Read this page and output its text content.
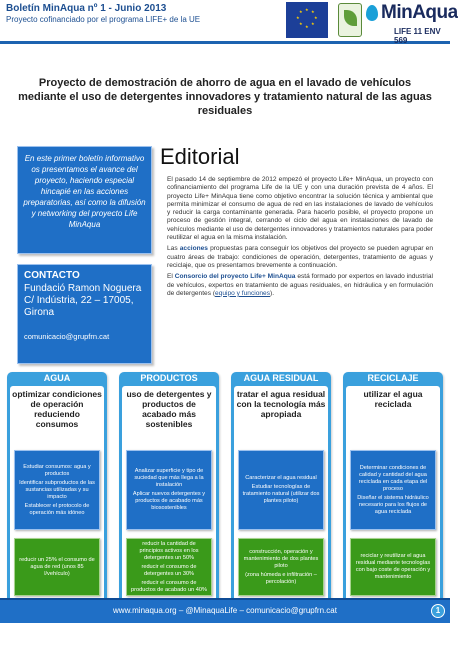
Boletín MinAqua nº 1 - Junio 2013
Proyecto cofinanciado por el programa LIFE+ de la UE
★ ★
★
★
★
★
★
★	MinAqua
LIFE 11 ENV 569
Proyecto de demostración de ahorro de agua en el lavado de vehículos mediante el uso de detergentes innovadores y tratamiento natural de las aguas residuales
En este primer boletín informativo os presentamos el avance del proyecto, haciendo especial hincapié en las acciones preparatorias, así como la difusión y networking del proyecto Life MinAqua
CONTACTO
Fundació Ramon Noguera
C/ Indústria, 22 – 17005, Girona
comunicacio@grupfrn.cat
Editorial

El pasado 14 de septiembre de 2012 empezó el proyecto Life+ MinAqua, un proyecto con cofinanciamiento del programa Life de la UE y con una duración prevista de 4 años. El proyecto Life+ MinAqua tiene como objetivo encontrar la solución técnica y ambiental que permita minimizar el consumo de agua de red en las instalaciones de lavado de vehículos y reducir la carga contaminante generada. Para hacerlo posible, el proyecto propone un proceso de gestión integral, cerrando el ciclo del agua en instalaciones de lavado de vehículos mediante el uso de detergentes innovadores y tratamientos naturales para poder reutilizar el agua en la misma instalación.

Las acciones propuestas para conseguir los objetivos del proyecto se pueden agrupar en cuatro áreas de trabajo: condiciones de operación, detergentes, tratamiento de aguas y reciclaje, que os presentamos brevemente a continuación.

El Consorcio del proyecto Life+ MinAqua está formado por expertos en lavado industrial de vehículos, expertos en tratamiento de aguas residuales, en hidráulica y en formulación de detergentes (equipo y funciones).

AGUA
optimizar condiciones de operación reduciendo consumos

Estudiar consumos: agua y productos

Identificar subproductos de las sustancias utilizadas y su impacto

Establecer el protocolo de operación más idóneo

reducir un 25% el consumo de agua de red (unos 85 l/vehículo)

PRODUCTOS
uso de detergentes y productos de acabado más sostenibles

Analizar superficie y tipo de suciedad que más llega a la instalación

Aplicar nuevos detergentes y productos de acabado más biosostenibles

reducir la cantidad de principios activos en los detergentes un 50%

reducir el consumo de detergentes un 30%

reducir el consumo de productos de acabado un 40%

AGUA RESIDUAL
tratar el agua residual con la tecnología más apropiada

Caracterizar el agua residual

Estudiar tecnologías de tratamiento natural (utilizar dos plantes piloto)

construcción, operación y mantenimiento de dos plantes piloto

(zona húmeda e infiltración – percolación)

RECICLAJE
utilizar el agua reciclada

Determinar condiciones de calidad y cantidad del agua reciclada en cada etapa del proceso

Diseñar el sistema hidráulico necesario para los flujos de agua reciclada

reciclar y reutilizar el agua residual mediante tecnologías con bajo coste de operación y mantenimiento

www.minaqua.org – @MinaquaLife – comunicacio@grupfrn.cat	1
